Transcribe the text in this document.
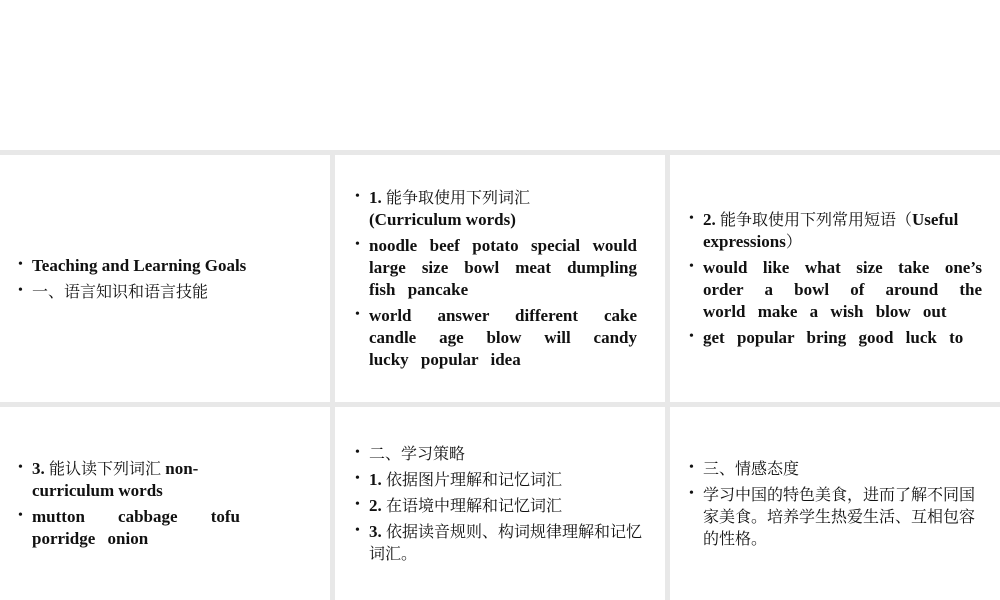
• Teaching and Learning Goals
• 一、语言知识和语言技能
• 1. 能争取使用下列词汇
(Curriculum words)
• noodle beef potato special would large size bowl meat dumpling fish pancake
• world answer different cake candle age blow will candy lucky popular idea
• 2. 能争取使用下列常用短语（Useful expressions）
• would like what size take one’s order a bowl of around the world make a wish blow out
• get popular bring good luck to
• 3. 能认读下列词汇 non-curriculum words
• mutton cabbage tofu porridge onion
• 二、学习策略
• 1. 依据图片理解和记忆词汇
• 2. 在语境中理解和记忆词汇
• 3. 依据读音规则、构词规律理解和记忆词汇。
• 三、情感态度
• 学习中国的特色美食，进而了解不同国家美食。培养学生热爱生活、互相包容的性格。
